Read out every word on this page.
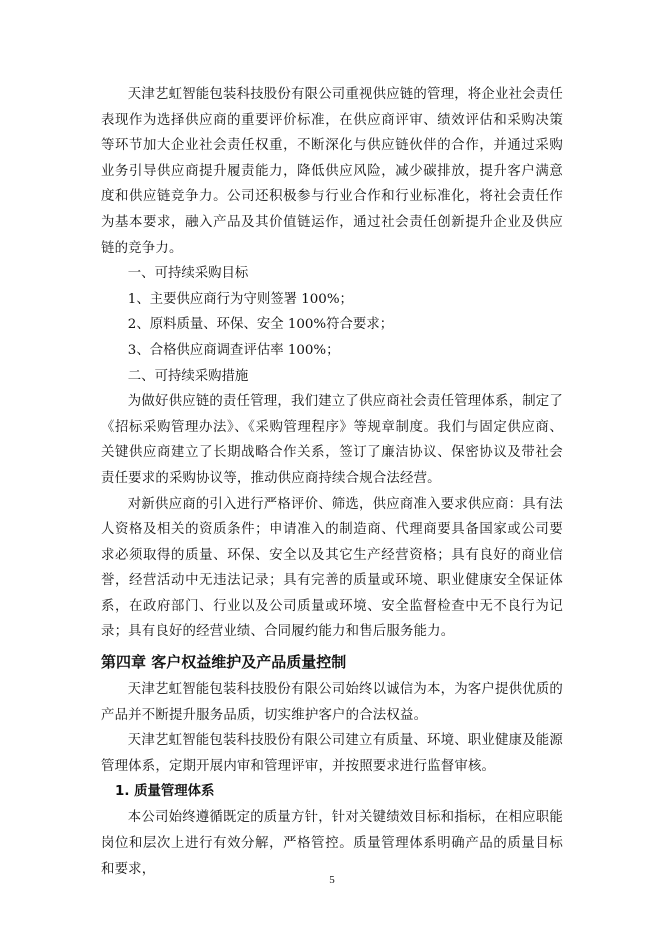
天津艺虹智能包装科技股份有限公司重视供应链的管理，将企业社会责任表现作为选择供应商的重要评价标准，在供应商评审、绩效评估和采购决策等环节加大企业社会责任权重，不断深化与供应链伙伴的合作，并通过采购业务引导供应商提升履责能力，降低供应风险，减少碳排放，提升客户满意度和供应链竞争力。公司还积极参与行业合作和行业标准化，将社会责任作为基本要求，融入产品及其价值链运作，通过社会责任创新提升企业及供应链的竞争力。

一、可持续采购目标

1、主要供应商行为守则签署 100%；

2、原料质量、环保、安全 100%符合要求；

3、合格供应商调查评估率 100%；

二、可持续采购措施

为做好供应链的责任管理，我们建立了供应商社会责任管理体系，制定了《招标采购管理办法》、《采购管理程序》等规章制度。我们与固定供应商、关键供应商建立了长期战略合作关系，签订了廉洁协议、保密协议及带社会责任要求的采购协议等，推动供应商持续合规合法经营。

对新供应商的引入进行严格评价、筛选，供应商准入要求供应商：具有法人资格及相关的资质条件；申请准入的制造商、代理商要具备国家或公司要求必须取得的质量、环保、安全以及其它生产经营资格；具有良好的商业信誉，经营活动中无违法记录；具有完善的质量或环境、职业健康安全保证体系，在政府部门、行业以及公司质量或环境、安全监督检查中无不良行为记录；具有良好的经营业绩、合同履约能力和售后服务能力。

第四章 客户权益维护及产品质量控制

天津艺虹智能包装科技股份有限公司始终以诚信为本，为客户提供优质的产品并不断提升服务品质，切实维护客户的合法权益。

天津艺虹智能包装科技股份有限公司建立有质量、环境、职业健康及能源管理体系，定期开展内审和管理评审，并按照要求进行监督审核。

1. 质量管理体系

本公司始终遵循既定的质量方针，针对关键绩效目标和指标，在相应职能岗位和层次上进行有效分解，严格管控。质量管理体系明确产品的质量目标和要求，

5
